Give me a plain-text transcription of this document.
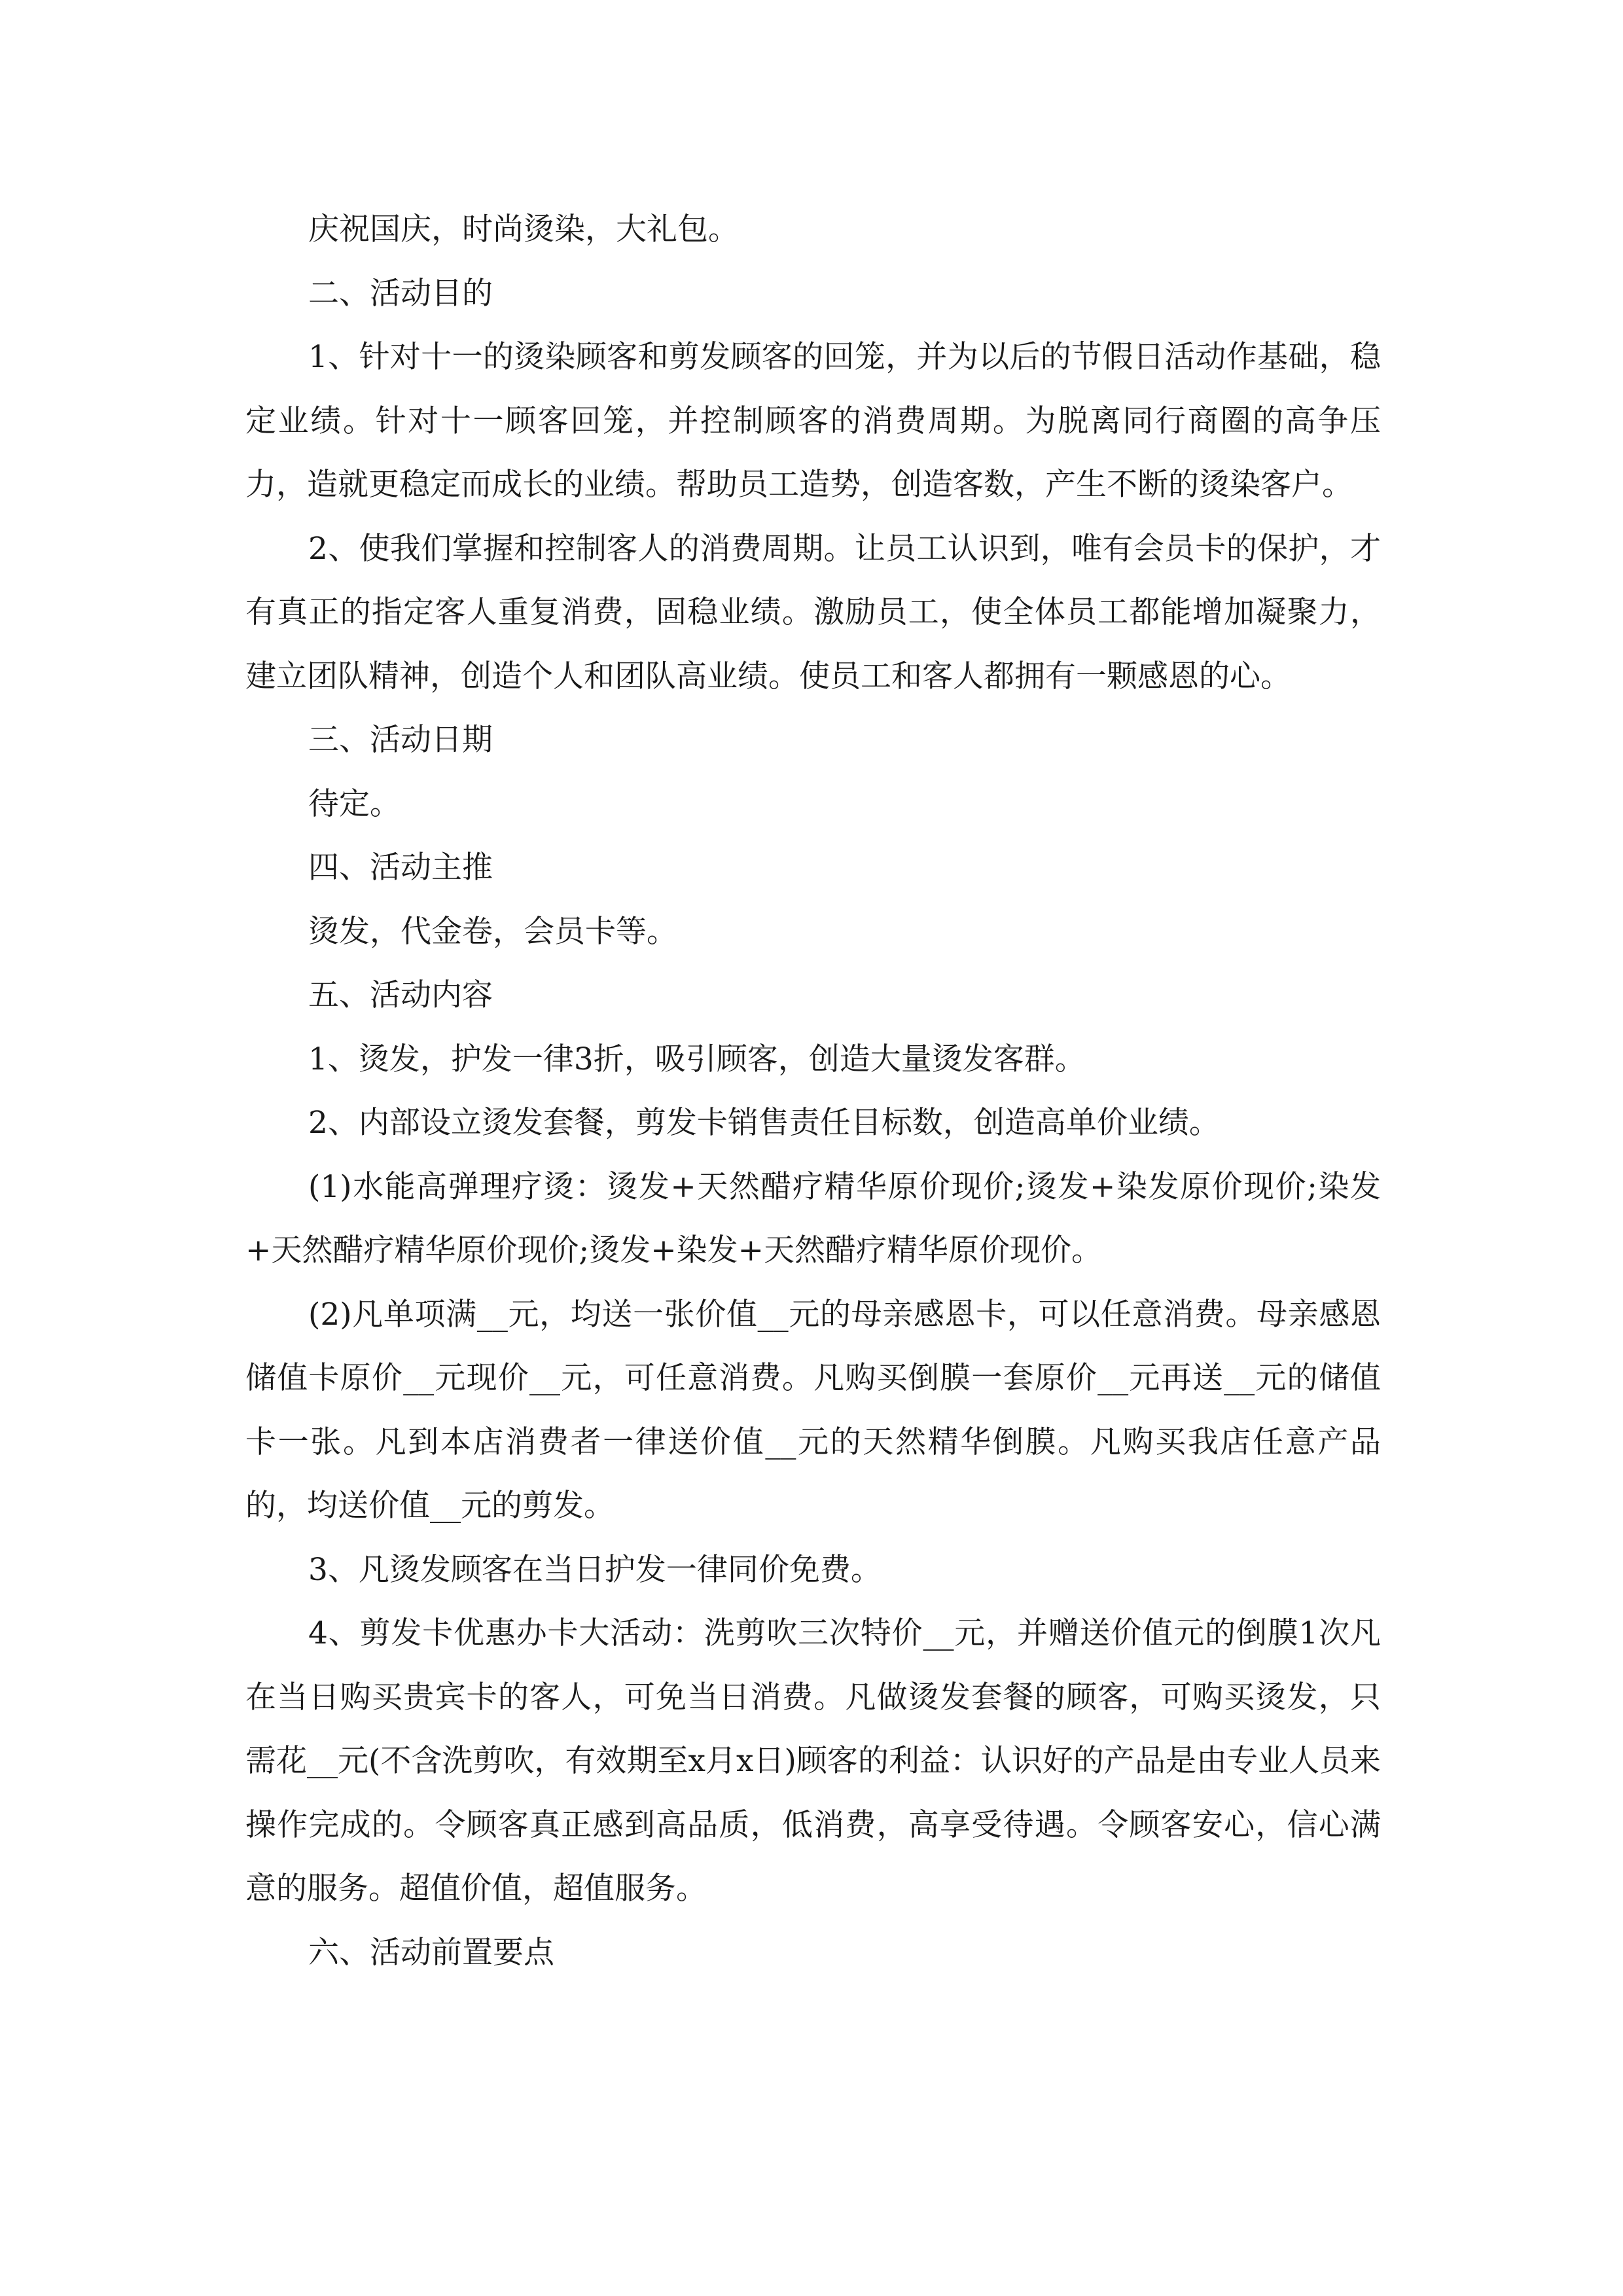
庆祝国庆，时尚烫染，大礼包。

二、活动目的

1、针对十一的烫染顾客和剪发顾客的回笼，并为以后的节假日活动作基础，稳定业绩。针对十一顾客回笼，并控制顾客的消费周期。为脱离同行商圈的高争压力，造就更稳定而成长的业绩。帮助员工造势，创造客数，产生不断的烫染客户。

2、使我们掌握和控制客人的消费周期。让员工认识到，唯有会员卡的保护，才有真正的指定客人重复消费，固稳业绩。激励员工，使全体员工都能增加凝聚力，建立团队精神，创造个人和团队高业绩。使员工和客人都拥有一颗感恩的心。

三、活动日期

待定。

四、活动主推

烫发，代金卷，会员卡等。

五、活动内容

1、烫发，护发一律3折，吸引顾客，创造大量烫发客群。

2、内部设立烫发套餐，剪发卡销售责任目标数，创造高单价业绩。

(1)水能高弹理疗烫：烫发+天然醋疗精华原价现价;烫发+染发原价现价;染发+天然醋疗精华原价现价;烫发+染发+天然醋疗精华原价现价。

(2)凡单项满__元，均送一张价值__元的母亲感恩卡，可以任意消费。母亲感恩储值卡原价__元现价__元，可任意消费。凡购买倒膜一套原价__元再送__元的储值卡一张。凡到本店消费者一律送价值__元的天然精华倒膜。凡购买我店任意产品的，均送价值__元的剪发。

3、凡烫发顾客在当日护发一律同价免费。

4、剪发卡优惠办卡大活动：洗剪吹三次特价__元，并赠送价值元的倒膜1次凡在当日购买贵宾卡的客人，可免当日消费。凡做烫发套餐的顾客，可购买烫发，只需花__元(不含洗剪吹，有效期至x月x日)顾客的利益：认识好的产品是由专业人员来操作完成的。令顾客真正感到高品质，低消费，高享受待遇。令顾客安心，信心满意的服务。超值价值，超值服务。

六、活动前置要点
